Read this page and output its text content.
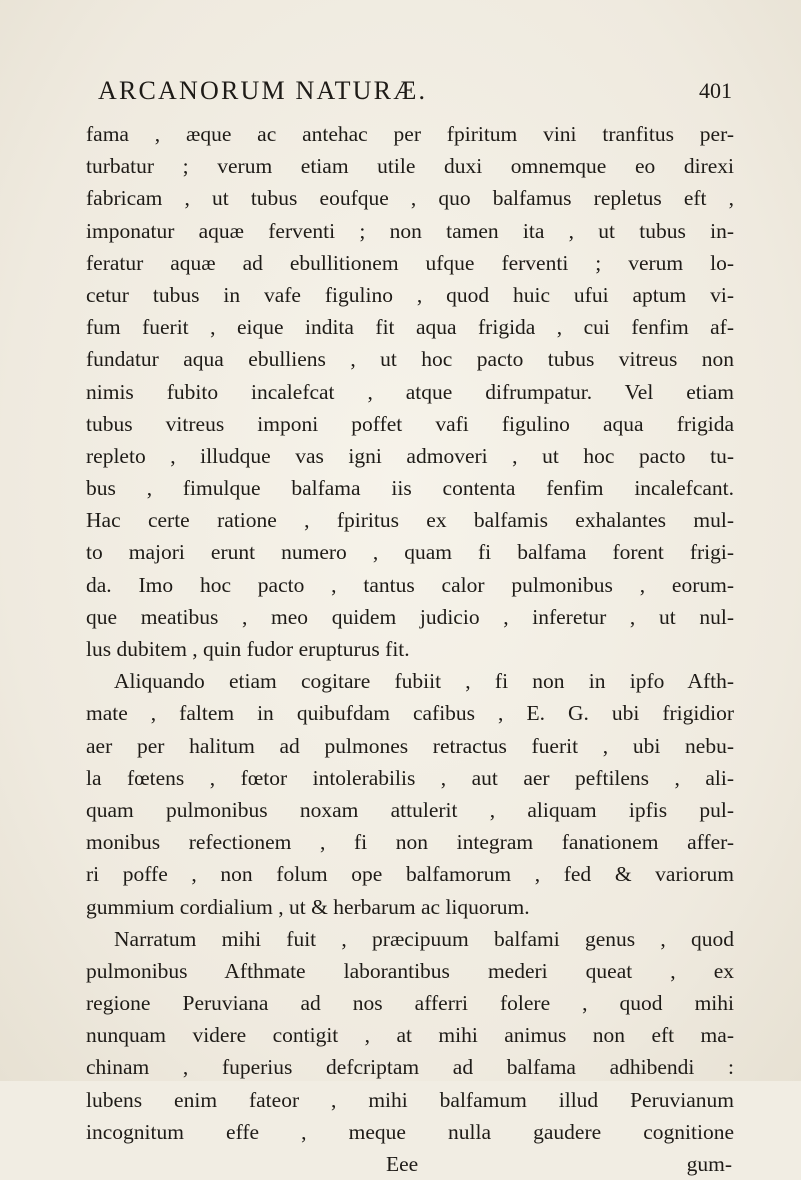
ARCANORUM NATURÆ.	401
fama , æque ac antehac per fpiritum vini tranfitus per-
turbatur ; verum etiam utile duxi omnemque eo direxi
fabricam , ut tubus eoufque , quo balfamus repletus eft ,
imponatur aquæ ferventi ; non tamen ita , ut tubus in-
feratur aquæ ad ebullitionem ufque ferventi ; verum lo-
cetur tubus in vafe figulino , quod huic ufui aptum vi-
fum fuerit , eique indita fit aqua frigida , cui fenfim af-
fundatur aqua ebulliens , ut hoc pacto tubus vitreus non
nimis fubito incalefcat , atque difrumpatur. Vel etiam
tubus vitreus imponi poffet vafi figulino aqua frigida
repleto , illudque vas igni admoveri , ut hoc pacto tu-
bus , fimulque balfama iis contenta fenfim incalefcant.
Hac certe ratione , fpiritus ex balfamis exhalantes mul-
to majori erunt numero , quam fi balfama forent frigi-
da. Imo hoc pacto , tantus calor pulmonibus , eorum-
que meatibus , meo quidem judicio , inferetur , ut nul-
lus dubitem , quin fudor erupturus fit.
Aliquando etiam cogitare fubiit , fi non in ipfo Afth-
mate , faltem in quibufdam cafibus , E. G. ubi frigidior
aer per halitum ad pulmones retractus fuerit , ubi nebu-
la fœtens , fœtor intolerabilis , aut aer peftilens , ali-
quam pulmonibus noxam attulerit , aliquam ipfis pul-
monibus refectionem , fi non integram fanationem affer-
ri poffe , non folum ope balfamorum , fed & variorum
gummium cordialium , ut & herbarum ac liquorum.
Narratum mihi fuit , præcipuum balfami genus , quod
pulmonibus Afthmate laborantibus mederi queat , ex
regione Peruviana ad nos afferri folere , quod mihi
nunquam videre contigit , at mihi animus non eft ma-
chinam , fuperius defcriptam ad balfama adhibendi :
lubens enim fateor , mihi balfamum illud Peruvianum
incognitum effe , meque nulla gaudere cognitione
Eee	gum-
